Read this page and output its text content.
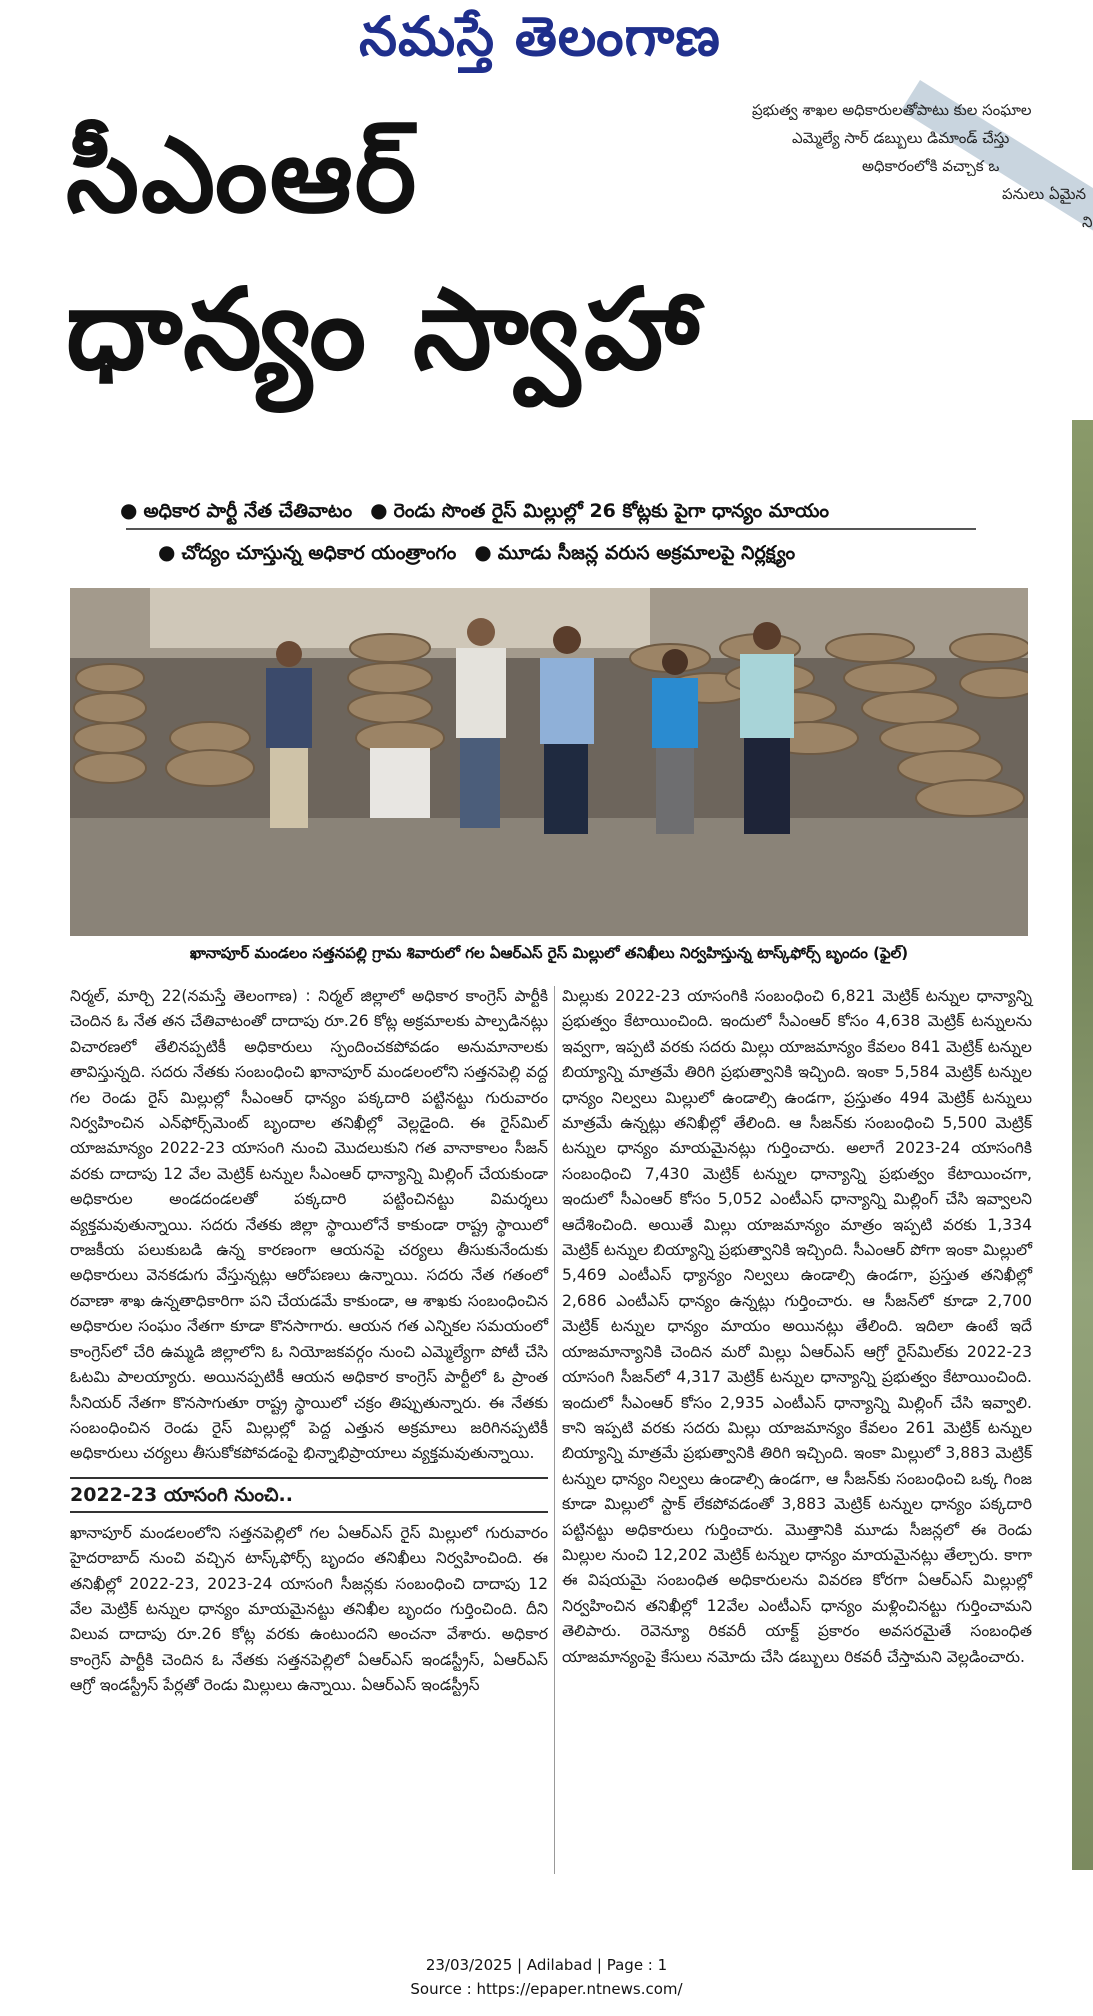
నమస్తే తెలంగాణ
ప్రభుత్వ శాఖల అధికారులతోపాటు కుల సంఘాల
ఎమ్మెల్యే సార్ డబ్బులు డిమాండ్ చేస్తు
అధికారంలోకి వచ్చాక ఒ
పనులు ఏమైన
ని
సీఎంఆర్
ధాన్యం స్వాహా
● అధికార పార్టీ నేత చేతివాటం ● రెండు సొంత రైస్ మిల్లుల్లో 26 కోట్లకు పైగా ధాన్యం మాయం
● చోద్యం చూస్తున్న అధికార యంత్రాంగం ● మూడు సీజన్ల వరుస అక్రమాలపై నిర్లక్ష్యం
ఖానాపూర్ మండలం సత్తనపల్లి గ్రామ శివారులో గల ఏఆర్ఎస్ రైస్ మిల్లులో తనిఖీలు నిర్వహిస్తున్న టాస్క్‌ఫోర్స్ బృందం (ఫైల్)

నిర్మల్, మార్చి 22(నమస్తే తెలంగాణ) : నిర్మల్ జిల్లాలో అధికార కాంగ్రెస్ పార్టీకి చెందిన ఓ నేత తన చేతివాటంతో దాదాపు రూ.26 కోట్ల అక్రమాలకు పాల్పడినట్లు విచారణలో తేలినప్పటికీ అధికారులు స్పందించకపోవడం అనుమానాలకు తావిస్తున్నది. సదరు నేతకు సంబంధించి ఖానాపూర్ మండలంలోని సత్తనపెల్లి వద్ద గల రెండు రైస్ మిల్లుల్లో సీఎంఆర్ ధాన్యం పక్కదారి పట్టినట్టు గురువారం నిర్వహించిన ఎన్‌ఫోర్స్‌మెంట్ బృందాల తనిఖీల్లో వెల్లడైంది. ఈ రైస్‌మిల్ యాజమాన్యం 2022-23 యాసంగి నుంచి మొదలుకుని గత వానాకాలం సీజన్ వరకు దాదాపు 12 వేల మెట్రిక్ టన్నుల సీఎంఆర్ ధాన్యాన్ని మిల్లింగ్ చేయకుండా అధికారుల అండదండలతో పక్కదారి పట్టించినట్టు విమర్శలు వ్యక్తమవుతున్నాయి. సదరు నేతకు జిల్లా స్థాయిలోనే కాకుండా రాష్ట్ర స్థాయిలో రాజకీయ పలుకుబడి ఉన్న కారణంగా ఆయనపై చర్యలు తీసుకునేందుకు అధికారులు వెనకడుగు వేస్తున్నట్లు ఆరోపణలు ఉన్నాయి. సదరు నేత గతంలో రవాణా శాఖ ఉన్నతాధికారిగా పని చేయడమే కాకుండా, ఆ శాఖకు సంబంధించిన అధికారుల సంఘం నేతగా కూడా కొనసాగారు. ఆయన గత ఎన్నికల సమయంలో కాంగ్రెస్‌లో చేరి ఉమ్మడి జిల్లాలోని ఓ నియోజకవర్గం నుంచి ఎమ్మెల్యేగా పోటీ చేసి ఓటమి పాలయ్యారు. అయినప్పటికీ ఆయన అధికార కాంగ్రెస్ పార్టీలో ఓ ప్రాంత సీనియర్ నేతగా కొనసాగుతూ రాష్ట్ర స్థాయిలో చక్రం తిప్పుతున్నారు. ఈ నేతకు సంబంధించిన రెండు రైస్ మిల్లుల్లో పెద్ద ఎత్తున అక్రమాలు జరిగినప్పటికీ అధికారులు చర్యలు తీసుకోకపోవడంపై భిన్నాభిప్రాయాలు వ్యక్తమవుతున్నాయి.

2022-23 యాసంగి నుంచి..

ఖానాపూర్ మండలంలోని సత్తనపెల్లిలో గల ఏఆర్ఎస్ రైస్ మిల్లులో గురువారం హైదరాబాద్ నుంచి వచ్చిన టాస్క్‌ఫోర్స్ బృందం తనిఖీలు నిర్వహించింది. ఈ తనిఖీల్లో 2022-23, 2023-24 యాసంగి సీజన్లకు సంబంధించి దాదాపు 12 వేల మెట్రిక్ టన్నుల ధాన్యం మాయమైనట్టు తనిఖీల బృందం గుర్తించింది. దీని విలువ దాదాపు రూ.26 కోట్ల వరకు ఉంటుందని అంచనా వేశారు. అధికార కాంగ్రెస్ పార్టీకి చెందిన ఓ నేతకు సత్తనపెల్లిలో ఏఆర్ఎస్ ఇండస్ట్రీస్, ఏఆర్ఎస్ ఆగ్రో ఇండస్ట్రీస్ పేర్లతో రెండు మిల్లులు ఉన్నాయి. ఏఆర్ఎస్ ఇండస్ట్రీస్

మిల్లుకు 2022-23 యాసంగికి సంబంధించి 6,821 మెట్రిక్ టన్నుల ధాన్యాన్ని ప్రభుత్వం కేటాయించింది. ఇందులో సీఎంఆర్ కోసం 4,638 మెట్రిక్ టన్నులను ఇవ్వగా, ఇప్పటి వరకు సదరు మిల్లు యాజమాన్యం కేవలం 841 మెట్రిక్ టన్నుల బియ్యాన్ని మాత్రమే తిరిగి ప్రభుత్వానికి ఇచ్చింది. ఇంకా 5,584 మెట్రిక్ టన్నుల ధాన్యం నిల్వలు మిల్లులో ఉండాల్సి ఉండగా, ప్రస్తుతం 494 మెట్రిక్ టన్నులు మాత్రమే ఉన్నట్లు తనిఖీల్లో తేలింది. ఆ సీజన్‌కు సంబంధించి 5,500 మెట్రిక్ టన్నుల ధాన్యం మాయమైనట్లు గుర్తించారు. అలాగే 2023-24 యాసంగికి సంబంధించి 7,430 మెట్రిక్ టన్నుల ధాన్యాన్ని ప్రభుత్వం కేటాయించగా, ఇందులో సీఎంఆర్ కోసం 5,052 ఎంటీఎస్ ధాన్యాన్ని మిల్లింగ్ చేసి ఇవ్వాలని ఆదేశించింది. అయితే మిల్లు యాజమాన్యం మాత్రం ఇప్పటి వరకు 1,334 మెట్రిక్ టన్నుల బియ్యాన్ని ప్రభుత్వానికి ఇచ్చింది. సీఎంఆర్ పోగా ఇంకా మిల్లులో 5,469 ఎంటీఎస్ ధ్యాన్యం నిల్వలు ఉండాల్సి ఉండగా, ప్రస్తుత తనిఖీల్లో 2,686 ఎంటీఎస్ ధాన్యం ఉన్నట్లు గుర్తించారు. ఆ సీజన్‌లో కూడా 2,700 మెట్రిక్ టన్నుల ధాన్యం మాయం అయినట్లు తేలింది. ఇదిలా ఉంటే ఇదే యాజమాన్యానికి చెందిన మరో మిల్లు ఏఆర్ఎస్ ఆగ్రో రైస్‌మిల్‌కు 2022-23 యాసంగి సీజన్‌లో 4,317 మెట్రిక్ టన్నుల ధాన్యాన్ని ప్రభుత్వం కేటాయించింది. ఇందులో సీఎంఆర్ కోసం 2,935 ఎంటీఎస్ ధాన్యాన్ని మిల్లింగ్ చేసి ఇవ్వాలి. కాని ఇప్పటి వరకు సదరు మిల్లు యాజమాన్యం కేవలం 261 మెట్రిక్ టన్నుల బియ్యాన్ని మాత్రమే ప్రభుత్వానికి తిరిగి ఇచ్చింది. ఇంకా మిల్లులో 3,883 మెట్రిక్ టన్నుల ధాన్యం నిల్వలు ఉండాల్సి ఉండగా, ఆ సీజన్‌కు సంబంధించి ఒక్క గింజ కూడా మిల్లులో స్టాక్ లేకపోవడంతో 3,883 మెట్రిక్ టన్నుల ధాన్యం పక్కదారి పట్టినట్టు అధికారులు గుర్తించారు. మొత్తానికి మూడు సీజన్లలో ఈ రెండు మిల్లుల నుంచి 12,202 మెట్రిక్ టన్నుల ధాన్యం మాయమైనట్లు తేల్చారు. కాగా ఈ విషయమై సంబంధిత అధికారులను వివరణ కోరగా ఏఆర్ఎస్ మిల్లుల్లో నిర్వహించిన తనిఖీల్లో 12వేల ఎంటీఎస్ ధాన్యం మళ్లించినట్టు గుర్తించామని తెలిపారు. రెవెన్యూ రికవరీ యాక్ట్ ప్రకారం అవసరమైతే సంబంధిత యాజమాన్యంపై కేసులు నమోదు చేసి డబ్బులు రికవరీ చేస్తామని వెల్లడించారు.

23/03/2025 | Adilabad | Page : 1
Source : https://epaper.ntnews.com/
